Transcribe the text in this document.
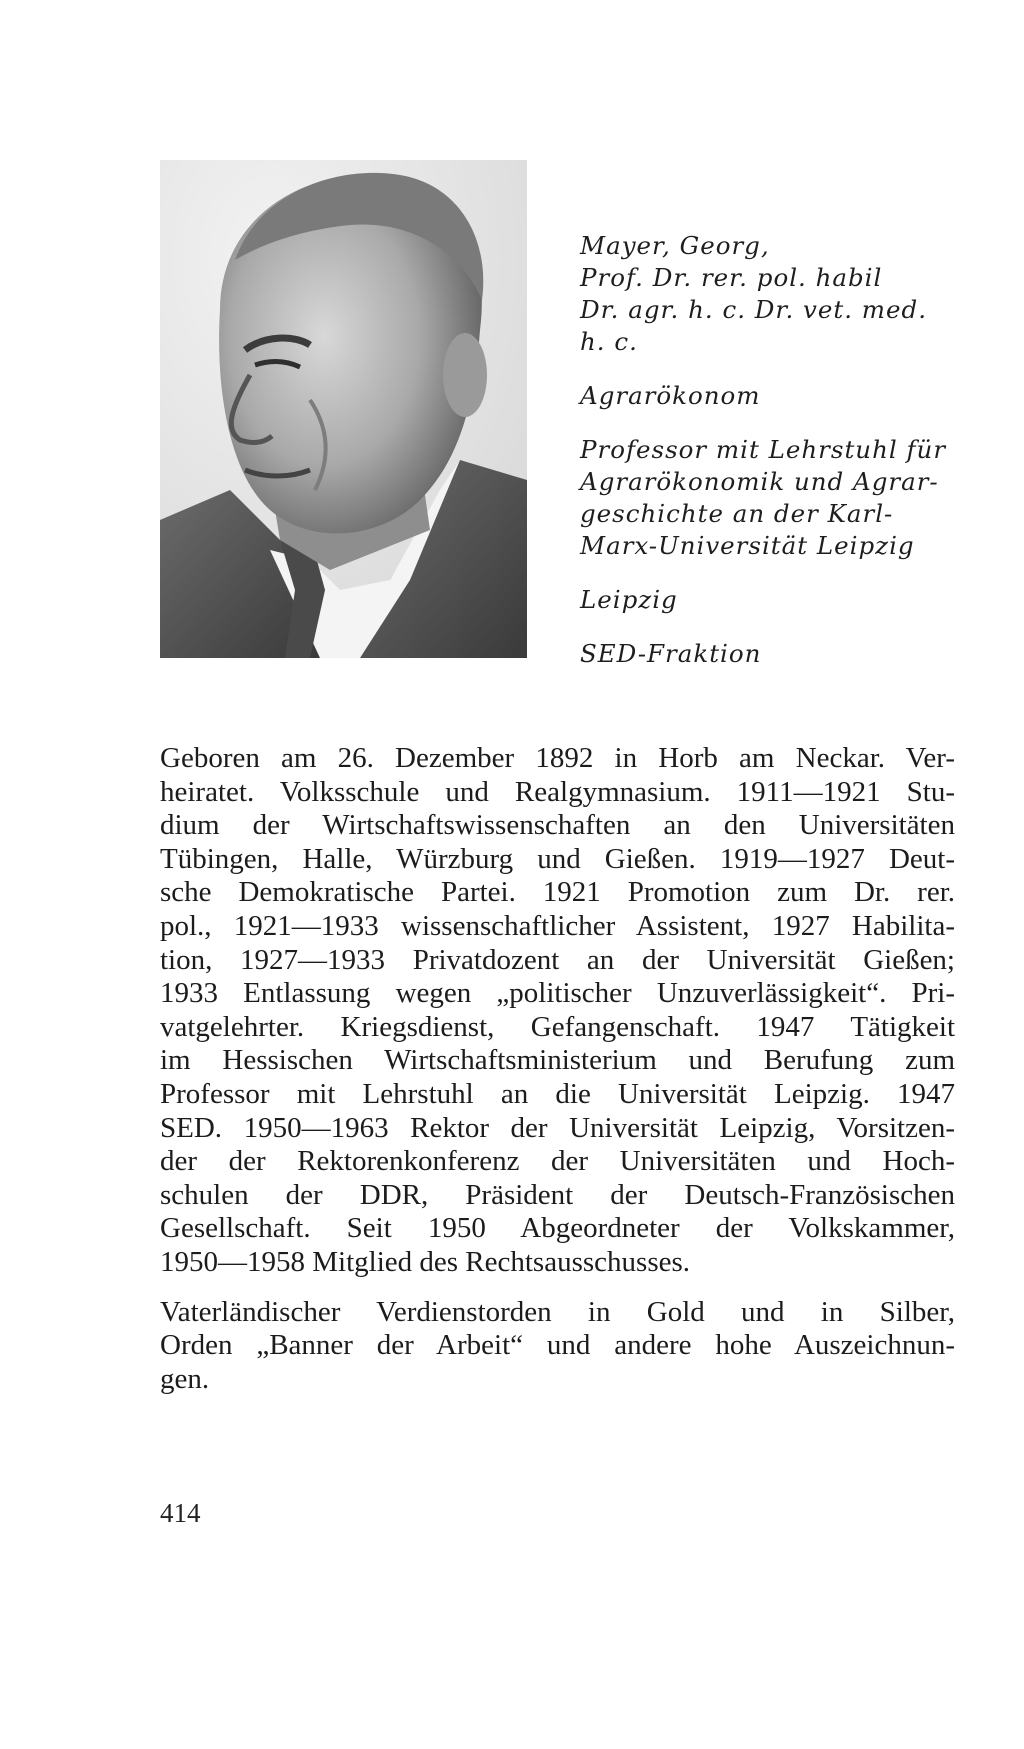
Mayer, Georg,
Prof. Dr. rer. pol. habil
Dr. agr. h. c. Dr. vet. med.
h. c.
Agrarökonom
Professor mit Lehrstuhl für
Agrarökonomik und Agrar-
geschichte an der Karl-
Marx-Universität Leipzig
Leipzig
SED-Fraktion
Geboren am 26. Dezember 1892 in Horb am Neckar. Ver-
heiratet. Volksschule und Realgymnasium. 1911—1921 Stu-
dium der Wirtschaftswissenschaften an den Universitäten
Tübingen, Halle, Würzburg und Gießen. 1919—1927 Deut-
sche Demokratische Partei. 1921 Promotion zum Dr. rer.
pol., 1921—1933 wissenschaftlicher Assistent, 1927 Habilita-
tion, 1927—1933 Privatdozent an der Universität Gießen;
1933 Entlassung wegen „politischer Unzuverlässigkeit“. Pri-
vatgelehrter. Kriegsdienst, Gefangenschaft. 1947 Tätigkeit
im Hessischen Wirtschaftsministerium und Berufung zum
Professor mit Lehrstuhl an die Universität Leipzig. 1947
SED. 1950—1963 Rektor der Universität Leipzig, Vorsitzen-
der der Rektorenkonferenz der Universitäten und Hoch-
schulen der DDR, Präsident der Deutsch-Französischen
Gesellschaft. Seit 1950 Abgeordneter der Volkskammer,
1950—1958 Mitglied des Rechtsausschusses.
Vaterländischer Verdienstorden in Gold und in Silber,
Orden „Banner der Arbeit“ und andere hohe Auszeichnun-
gen.
414
